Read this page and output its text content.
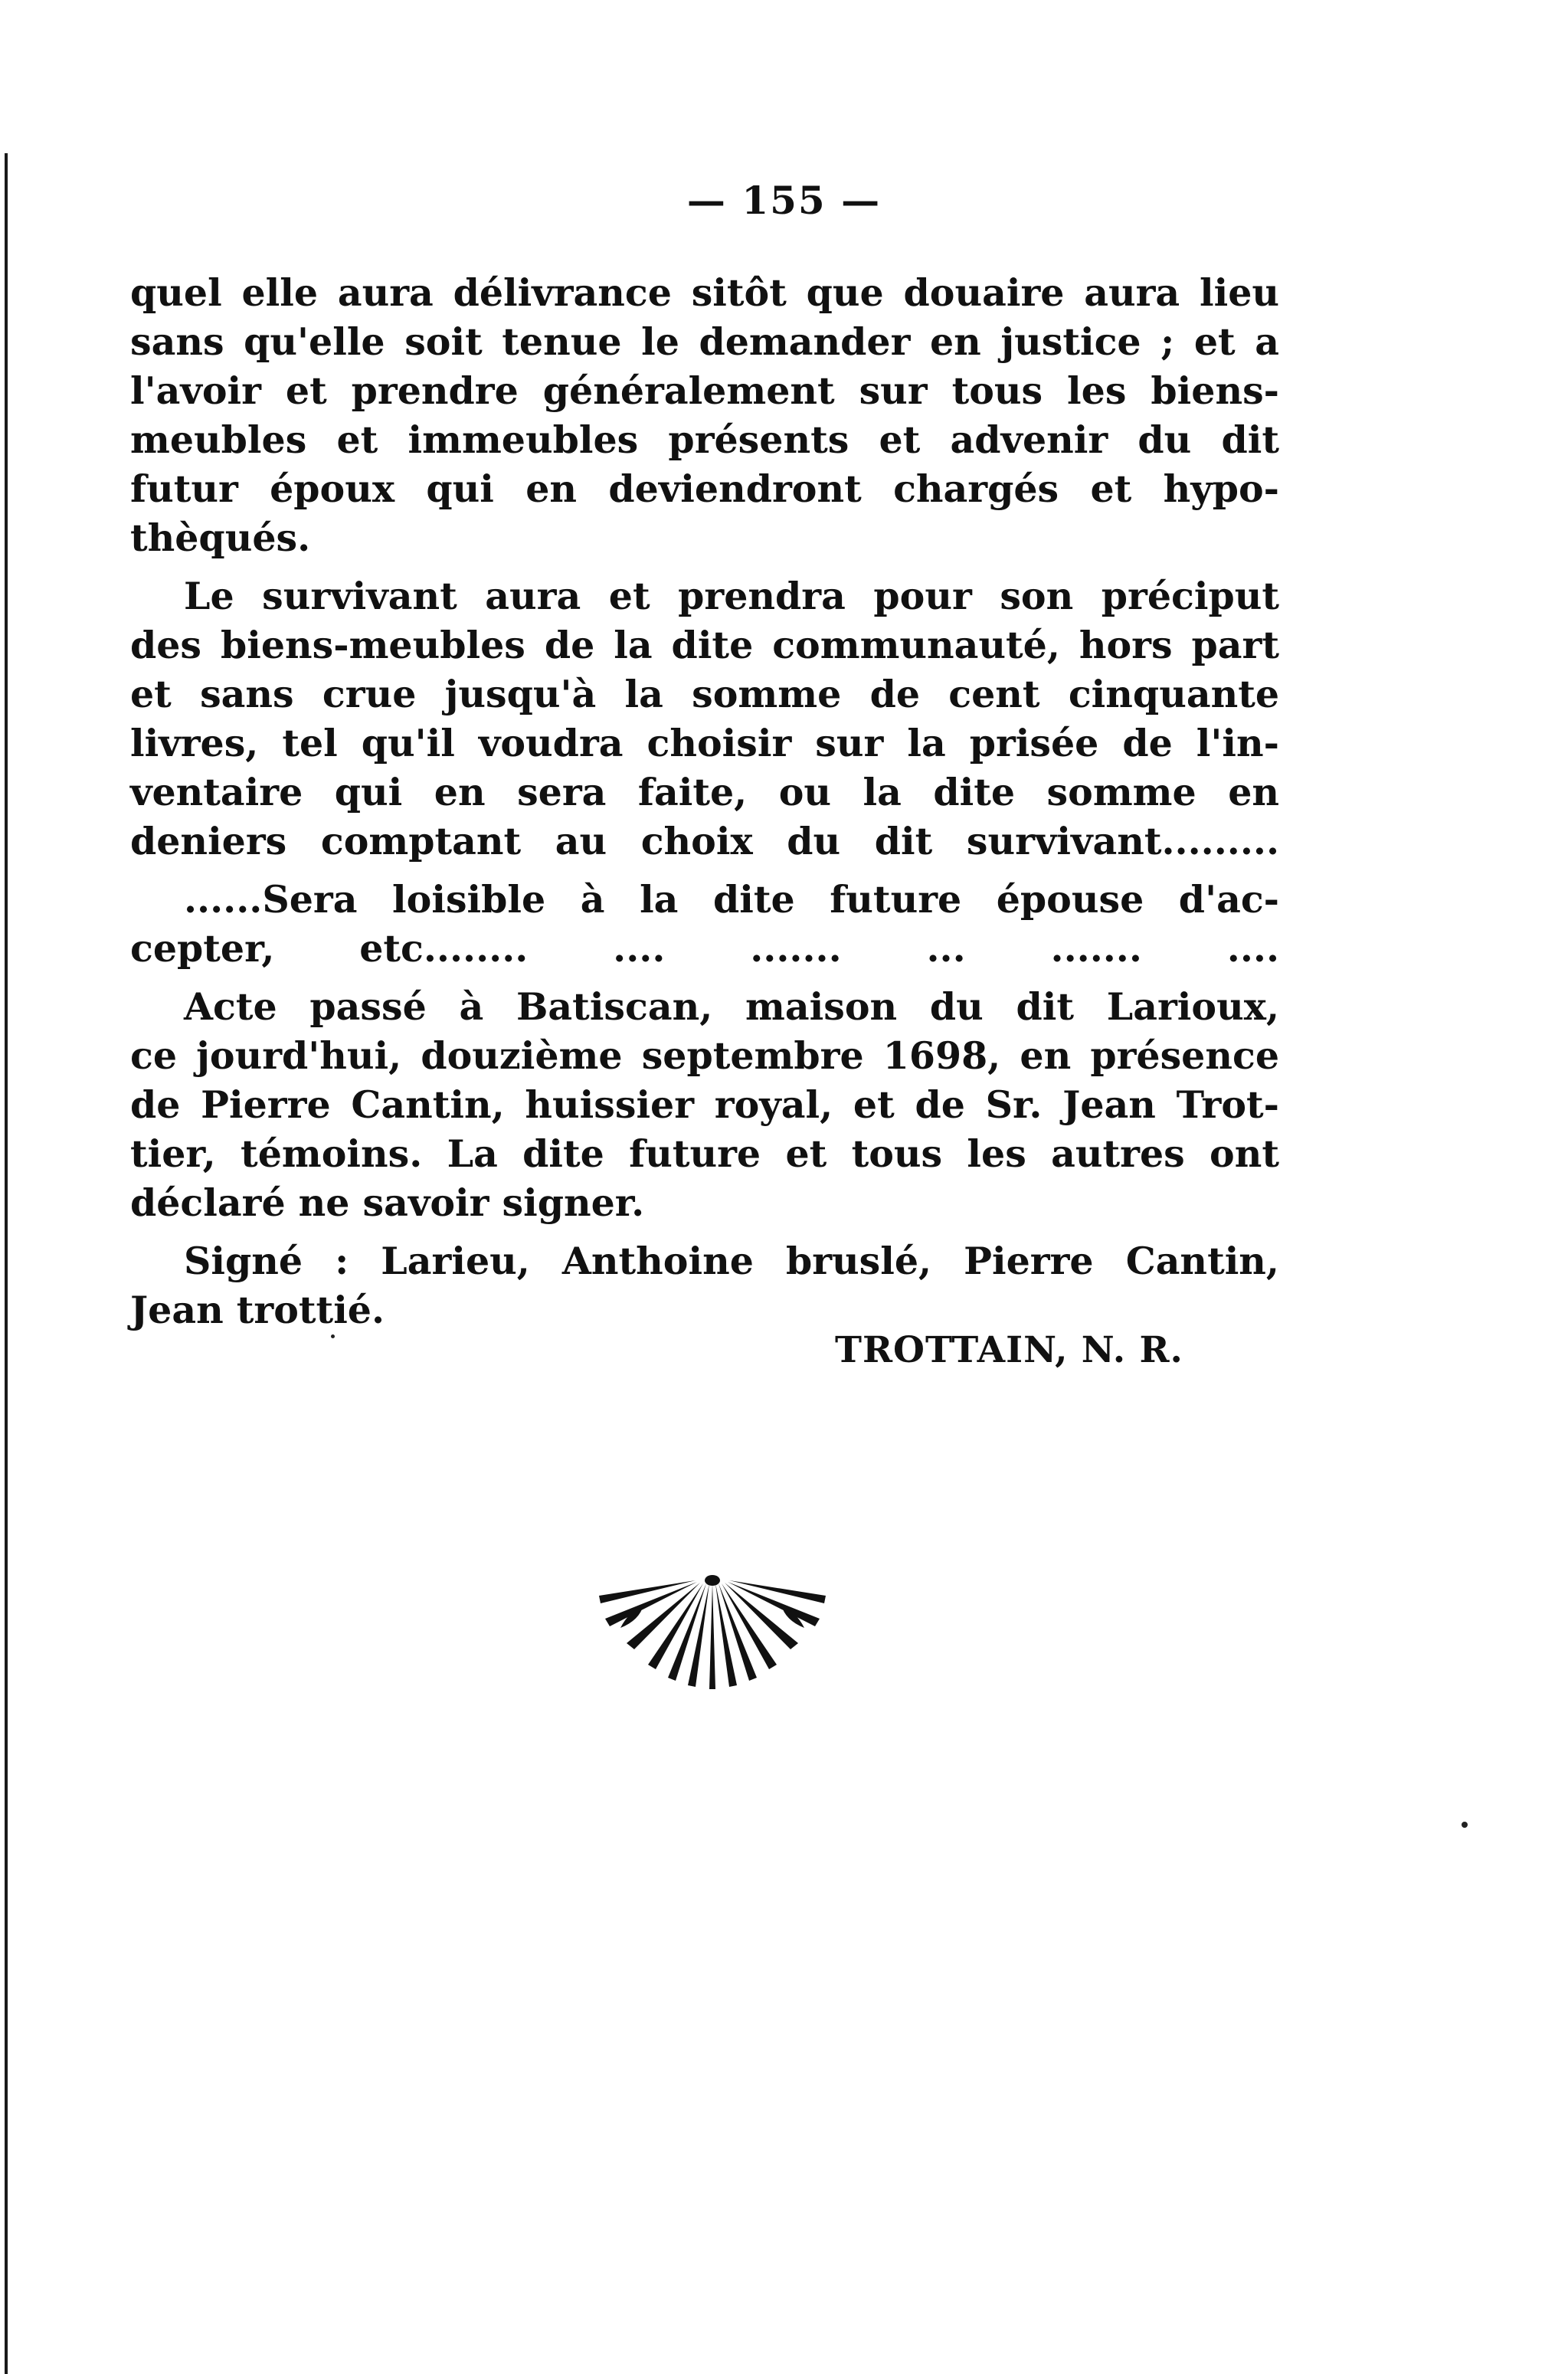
— 155 —
quel elle aura délivrance sitôt que douaire aura lieu
sans qu'elle soit tenue le demander en justice ; et a
l'avoir et prendre généralement sur tous les biens-
meubles et immeubles présents et advenir du dit
futur époux qui en deviendront chargés et hypo-
thèqués.
Le survivant aura et prendra pour son préciput
des biens-meubles de la dite communauté, hors part
et sans crue jusqu'à la somme de cent cinquante
livres, tel qu'il voudra choisir sur la prisée de l'in-
ventaire qui en sera faite, ou la dite somme en
deniers comptant au choix du dit survivant.........
......Sera loisible à la dite future épouse d'ac-
cepter, etc........ .... ....... ... ....... ....
Acte passé à Batiscan, maison du dit Larioux,
ce jourd'hui, douzième septembre 1698, en présence
de Pierre Cantin, huissier royal, et de Sr. Jean Trot-
tier, témoins. La dite future et tous les autres ont
déclaré ne savoir signer.
Signé : Larieu, Anthoine bruslé, Pierre Cantin,
Jean trottié.
TROTTAIN, N. R.
